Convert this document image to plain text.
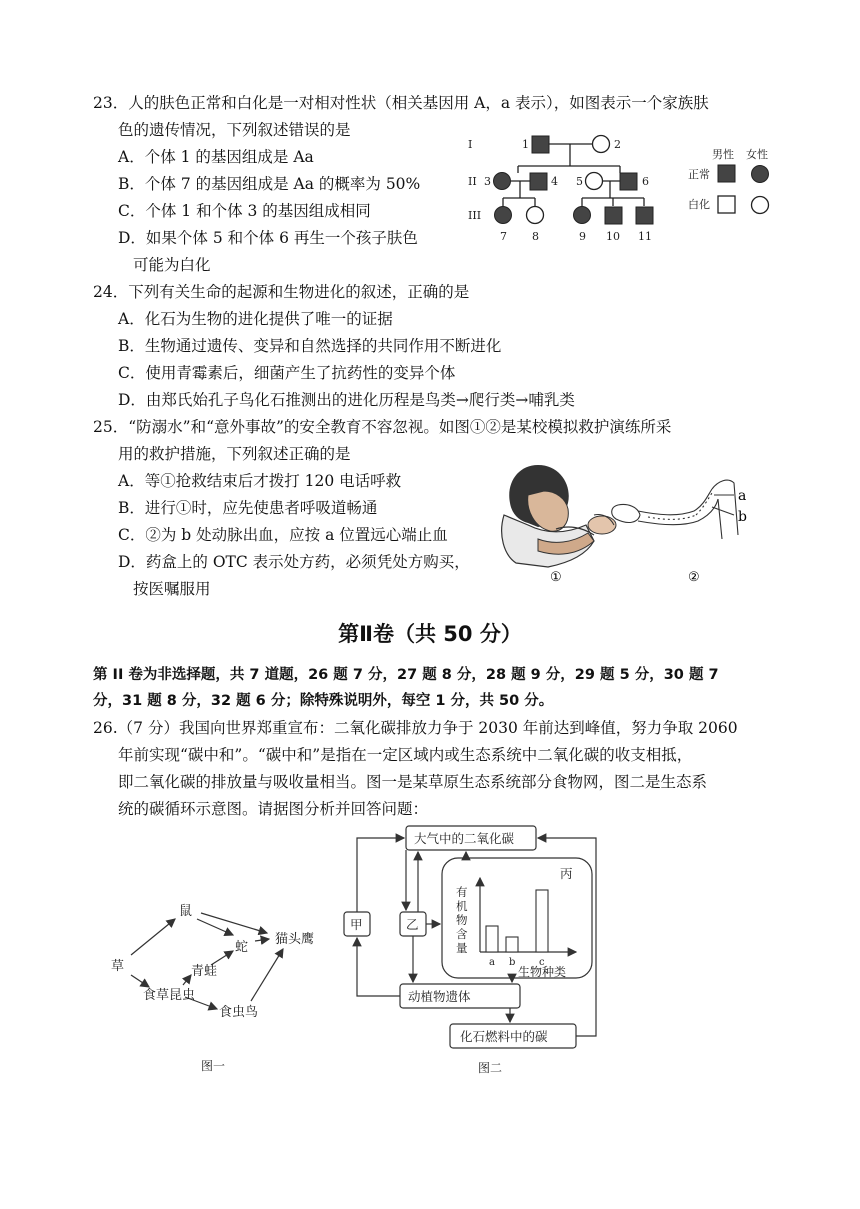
23．人的肤色正常和白化是一对相对性状（相关基因用 A，a 表示），如图表示一个家族肤
色的遗传情况，下列叙述错误的是
A．个体 1 的基因组成是 Aa
B．个体 7 的基因组成是 Aa 的概率为 50%
C．个体 1 和个体 3 的基因组成相同
D．如果个体 5 和个体 6 再生一个孩子肤色
可能为白化
I
II
III
1	2
3	4 5	6
7 8	9 10 11
男性 女性
正常
白化
24．下列有关生命的起源和生物进化的叙述，正确的是
A．化石为生物的进化提供了唯一的证据
B．生物通过遗传、变异和自然选择的共同作用不断进化
C．使用青霉素后，细菌产生了抗药性的变异个体
D．由郑氏始孔子鸟化石推测出的进化历程是鸟类→爬行类→哺乳类
25．“防溺水”和“意外事故”的安全教育不容忽视。如图①②是某校模拟救护演练所采
用的救护措施，下列叙述正确的是
A．等①抢救结束后才拨打 120 电话呼救
B．进行①时，应先使患者呼吸道畅通
C．②为 b 处动脉出血，应按 a 位置远心端止血
D．药盒上的 OTC 表示处方药，必须凭处方购买，
按医嘱服用
①
a
b
②
第Ⅱ卷（共 50 分）
第 II 卷为非选择题，共 7 道题，26 题 7 分，27 题 8 分，28 题 9 分，29 题 5 分，30 题 7
分，31 题 8 分，32 题 6 分；除特殊说明外，每空 1 分，共 50 分。
26.（7 分）我国向世界郑重宣布：二氧化碳排放力争于 2030 年前达到峰值，努力争取 2060
年前实现“碳中和”。“碳中和”是指在一定区域内或生态系统中二氧化碳的收支相抵，
即二氧化碳的排放量与吸收量相当。图一是某草原生态系统部分食物网，图二是生态系
统的碳循环示意图。请据图分析并回答问题：
草
鼠
蛇
猫头鹰
青蛙
食草昆虫
食虫鸟
图一
大气中的二氧化碳
甲	乙
丙
动植物遗体
化石燃料中的碳
有
机
物
含
量
a b c
生物种类
图二
